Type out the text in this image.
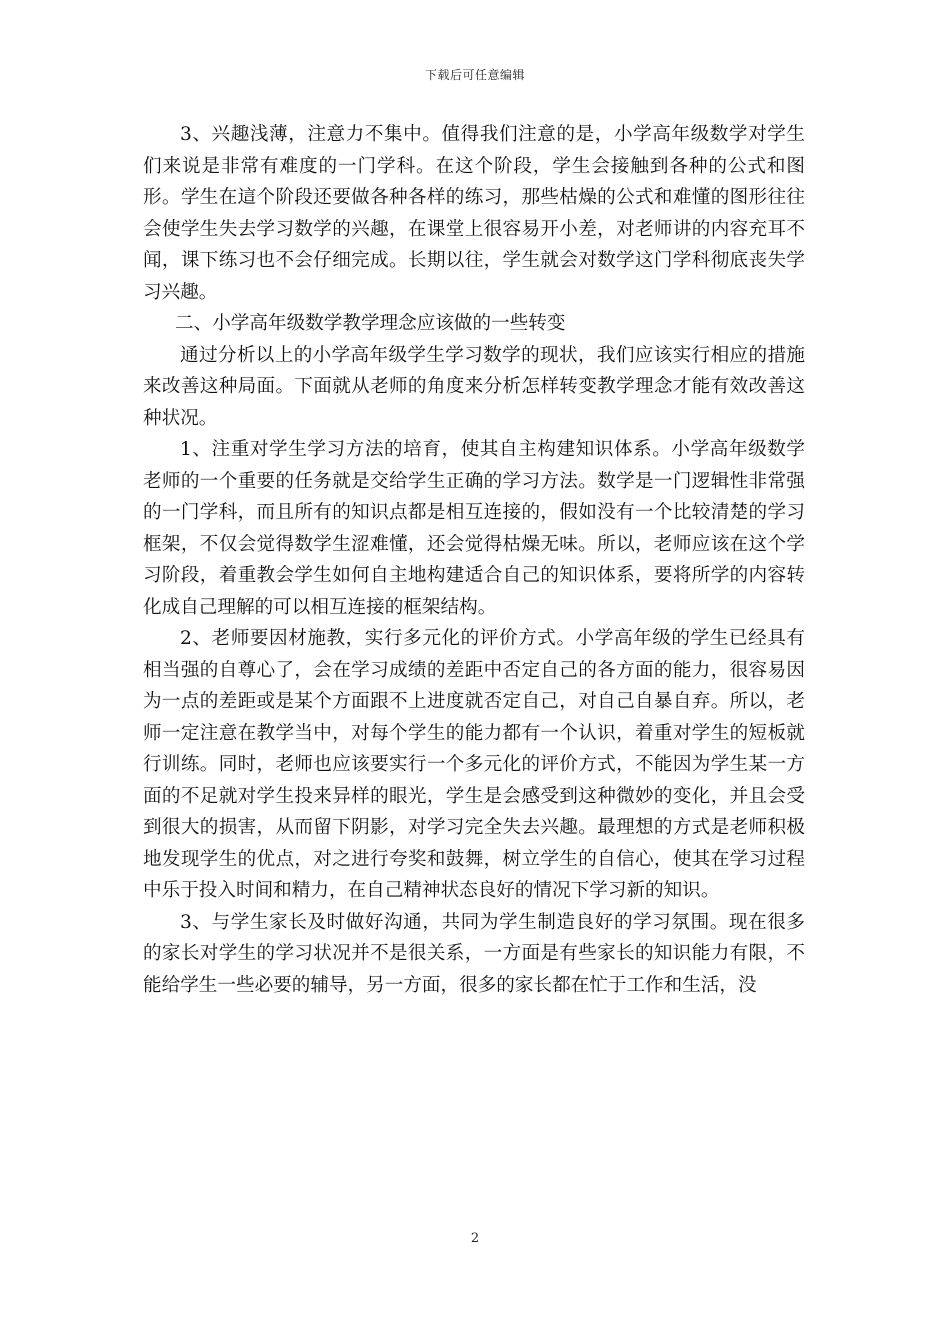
下载后可任意编辑

3、兴趣浅薄，注意力不集中。值得我们注意的是，小学高年级数学对学生们来说是非常有难度的一门学科。在这个阶段，学生会接触到各种的公式和图形。学生在這个阶段还要做各种各样的练习，那些枯燥的公式和难懂的图形往往会使学生失去学习数学的兴趣，在课堂上很容易开小差，对老师讲的内容充耳不闻，课下练习也不会仔细完成。长期以往，学生就会对数学这门学科彻底丧失学习兴趣。

二、小学高年级数学教学理念应该做的一些转变

通过分析以上的小学高年级学生学习数学的现状，我们应该实行相应的措施来改善这种局面。下面就从老师的角度来分析怎样转变教学理念才能有效改善这种状况。

1、注重对学生学习方法的培育，使其自主构建知识体系。小学高年级数学老师的一个重要的任务就是交给学生正确的学习方法。数学是一门逻辑性非常强的一门学科，而且所有的知识点都是相互连接的，假如没有一个比较清楚的学习框架，不仅会觉得数学生涩难懂，还会觉得枯燥无味。所以，老师应该在这个学习阶段，着重教会学生如何自主地构建适合自己的知识体系，要将所学的内容转化成自己理解的可以相互连接的框架结构。

2、老师要因材施教，实行多元化的评价方式。小学高年级的学生已经具有相当强的自尊心了，会在学习成绩的差距中否定自己的各方面的能力，很容易因为一点的差距或是某个方面跟不上进度就否定自己，对自己自暴自弃。所以，老师一定注意在教学当中，对每个学生的能力都有一个认识，着重对学生的短板就行训练。同时，老师也应该要实行一个多元化的评价方式，不能因为学生某一方面的不足就对学生投来异样的眼光，学生是会感受到这种微妙的变化，并且会受到很大的损害，从而留下阴影，对学习完全失去兴趣。最理想的方式是老师积极地发现学生的优点，对之进行夸奖和鼓舞，树立学生的自信心，使其在学习过程中乐于投入时间和精力，在自己精神状态良好的情况下学习新的知识。

3、与学生家长及时做好沟通，共同为学生制造良好的学习氛围。现在很多的家长对学生的学习状况并不是很关系，一方面是有些家长的知识能力有限，不能给学生一些必要的辅导，另一方面，很多的家长都在忙于工作和生活，没

2
